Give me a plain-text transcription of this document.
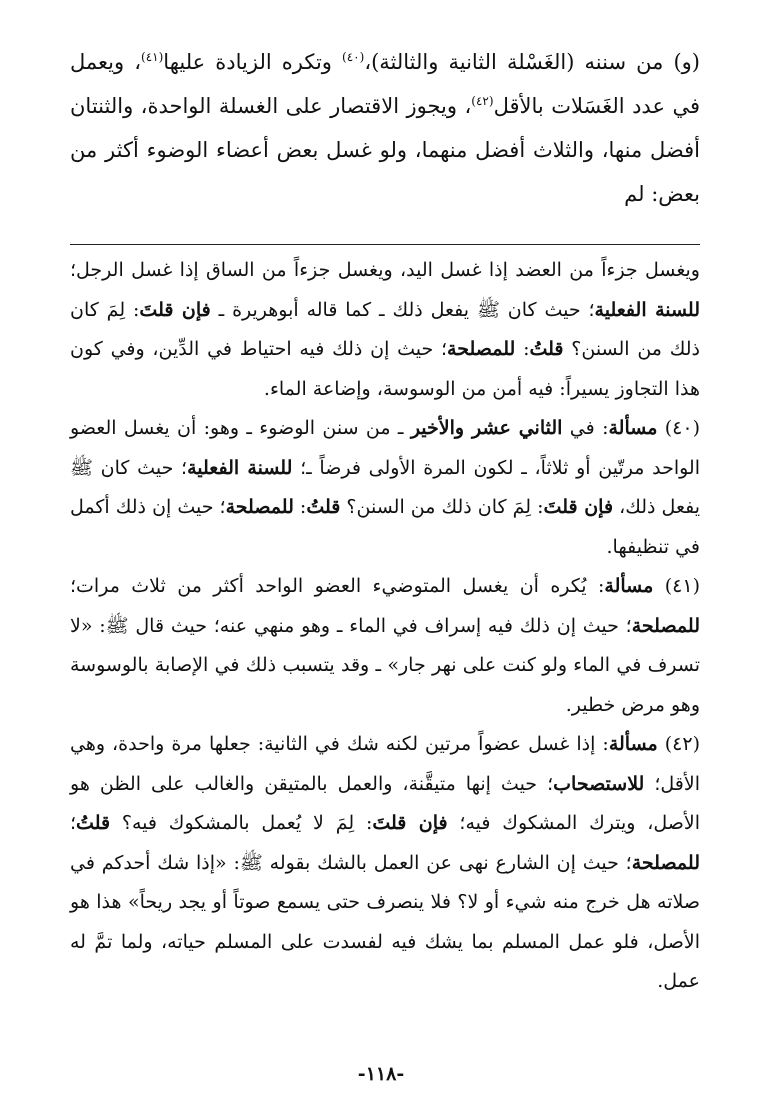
(و) من سننه (الغَسْلة الثانية والثالثة)،$^{(٤٠)}$ وتكره الزيادة عليها$^{(٤١)}$، ويعمل في عدد الغَسَلات بالأقل$^{(٤٢)}$، ويجوز الاقتصار على الغسلة الواحدة، والثنتان أفضل منها، والثلاث أفضل منهما، ولو غسل بعض أعضاء الوضوء أكثر من بعض: لم

ويغسل جزءاً من العضد إذا غسل اليد، ويغسل جزءاً من الساق إذا غسل الرجل؛ للسنة الفعلية؛ حيث كان ﷺ يفعل ذلك ـ كما قاله أبوهريرة ـ فإن قلتَ: لِمَ كان ذلك من السنن؟ قلتُ: للمصلحة؛ حيث إن ذلك فيه احتياط في الدِّين، وفي كون هذا التجاوز يسيراً: فيه أمن من الوسوسة، وإضاعة الماء.

(٤٠) مسألة: في الثاني عشر والأخير ـ من سنن الوضوء ـ وهو: أن يغسل العضو الواحد مرتّين أو ثلاثاً، ـ لكون المرة الأولى فرضاً ـ؛ للسنة الفعلية؛ حيث كان ﷺ يفعل ذلك، فإن قلتَ: لِمَ كان ذلك من السنن؟ قلتُ: للمصلحة؛ حيث إن ذلك أكمل في تنظيفها.

(٤١) مسألة: يُكره أن يغسل المتوضيء العضو الواحد أكثر من ثلاث مرات؛ للمصلحة؛ حيث إن ذلك فيه إسراف في الماء ـ وهو منهي عنه؛ حيث قال ﷺ: «لا تسرف في الماء ولو كنت على نهر جار» ـ وقد يتسبب ذلك في الإصابة بالوسوسة وهو مرض خطير.

(٤٢) مسألة: إذا غسل عضواً مرتين لكنه شك في الثانية: جعلها مرة واحدة، وهي الأقل؛ للاستصحاب؛ حيث إنها متيقَّنة، والعمل بالمتيقن والغالب على الظن هو الأصل، ويترك المشكوك فيه؛ فإن قلتَ: لِمَ لا يُعمل بالمشكوك فيه؟ قلتُ؛ للمصلحة؛ حيث إن الشارع نهى عن العمل بالشك بقوله ﷺ: «إذا شك أحدكم في صلاته هل خرج منه شيء أو لا؟ فلا ينصرف حتى يسمع صوتاً أو يجد ريحاً» هذا هو الأصل، فلو عمل المسلم بما يشك فيه لفسدت على المسلم حياته، ولما تمَّ له عمل.

-١١٨-
